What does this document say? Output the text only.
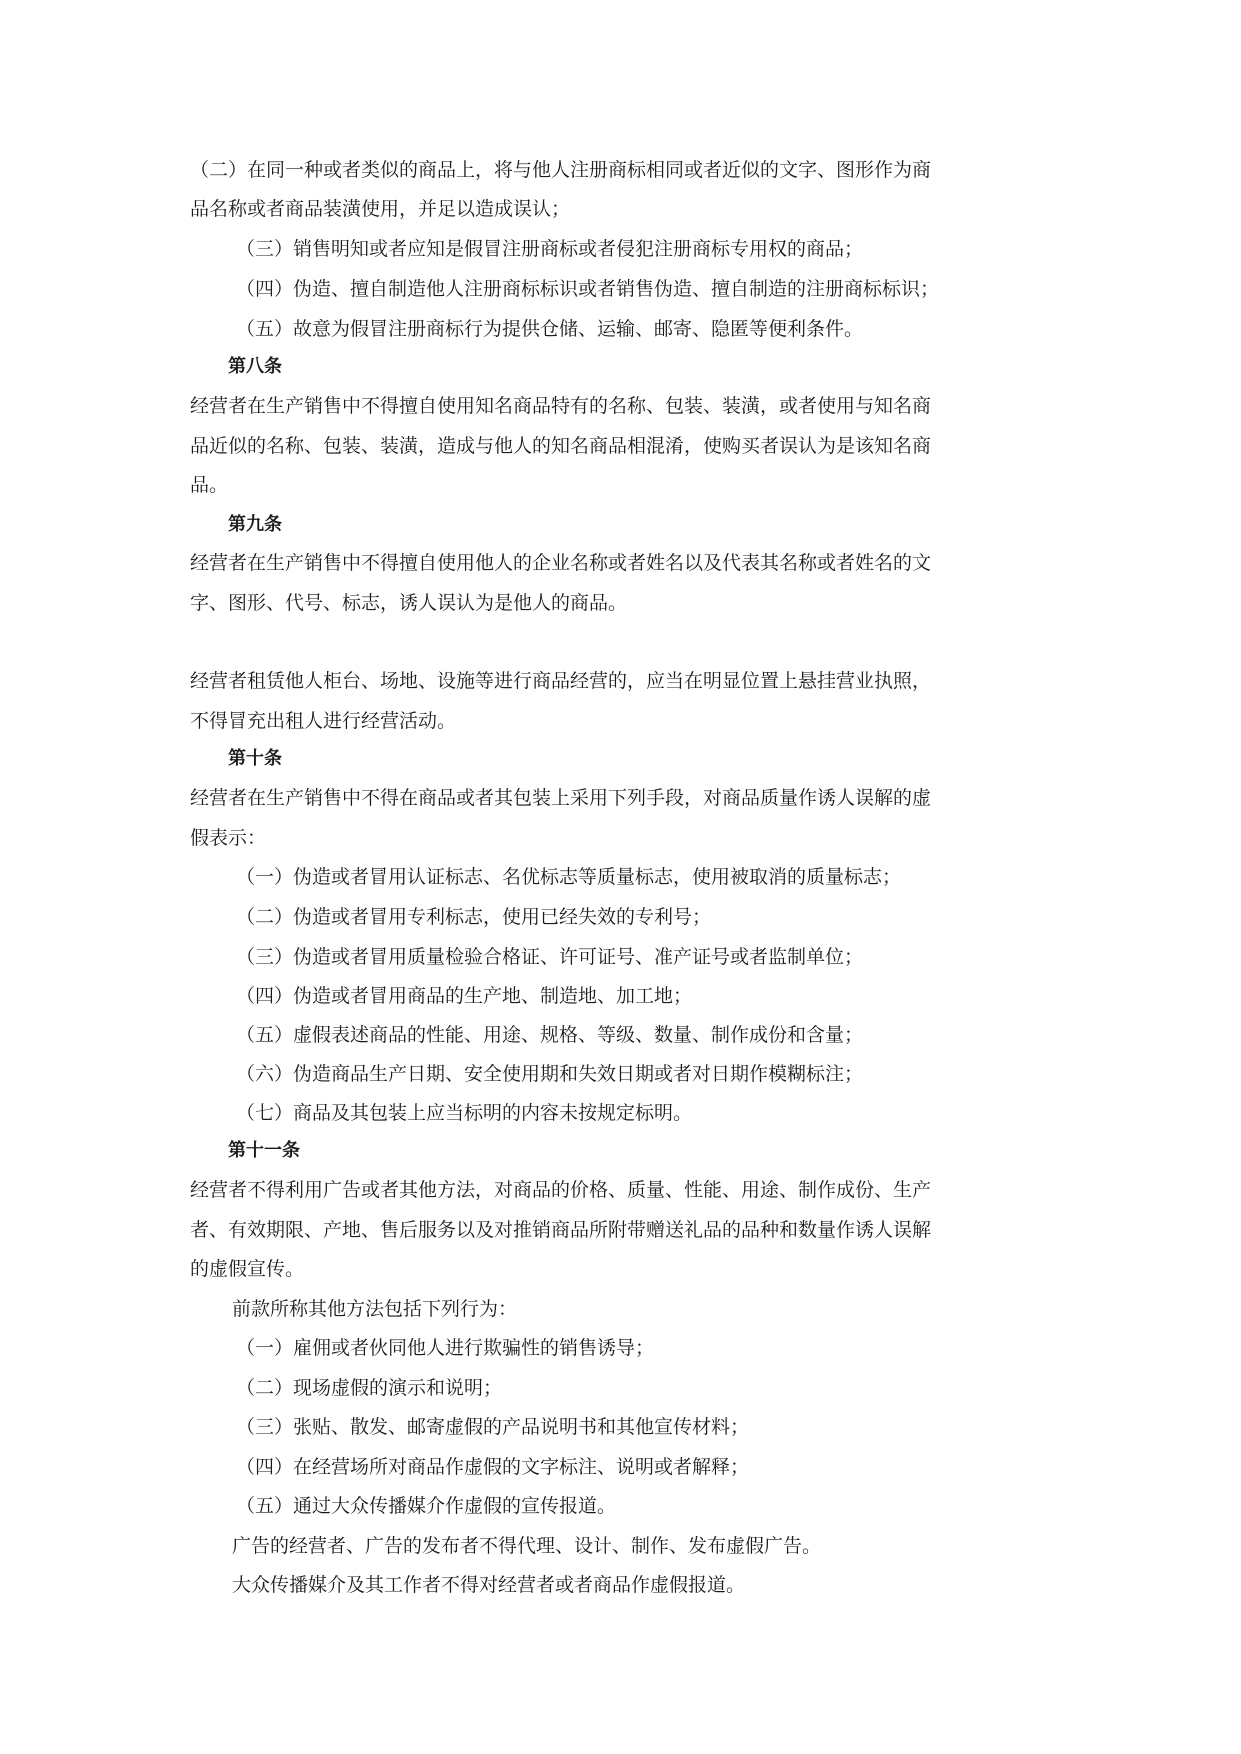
（二）在同一种或者类似的商品上，将与他人注册商标相同或者近似的文字、图形作为商
品名称或者商品装潢使用，并足以造成误认；
（三）销售明知或者应知是假冒注册商标或者侵犯注册商标专用权的商品；
（四）伪造、擅自制造他人注册商标标识或者销售伪造、擅自制造的注册商标标识；
（五）故意为假冒注册商标行为提供仓储、运输、邮寄、隐匿等便利条件。
第八条
经营者在生产销售中不得擅自使用知名商品特有的名称、包装、装潢，或者使用与知名商
品近似的名称、包装、装潢，造成与他人的知名商品相混淆，使购买者误认为是该知名商
品。
第九条
经营者在生产销售中不得擅自使用他人的企业名称或者姓名以及代表其名称或者姓名的文
字、图形、代号、标志，诱人误认为是他人的商品。
经营者租赁他人柜台、场地、设施等进行商品经营的，应当在明显位置上悬挂营业执照，
不得冒充出租人进行经营活动。
第十条
经营者在生产销售中不得在商品或者其包装上采用下列手段，对商品质量作诱人误解的虚
假表示：
（一）伪造或者冒用认证标志、名优标志等质量标志，使用被取消的质量标志；
（二）伪造或者冒用专利标志，使用已经失效的专利号；
（三）伪造或者冒用质量检验合格证、许可证号、准产证号或者监制单位；
（四）伪造或者冒用商品的生产地、制造地、加工地；
（五）虚假表述商品的性能、用途、规格、等级、数量、制作成份和含量；
（六）伪造商品生产日期、安全使用期和失效日期或者对日期作模糊标注；
（七）商品及其包装上应当标明的内容未按规定标明。
第十一条
经营者不得利用广告或者其他方法，对商品的价格、质量、性能、用途、制作成份、生产
者、有效期限、产地、售后服务以及对推销商品所附带赠送礼品的品种和数量作诱人误解
的虚假宣传。
前款所称其他方法包括下列行为：
（一）雇佣或者伙同他人进行欺骗性的销售诱导；
（二）现场虚假的演示和说明；
（三）张贴、散发、邮寄虚假的产品说明书和其他宣传材料；
（四）在经营场所对商品作虚假的文字标注、说明或者解释；
（五）通过大众传播媒介作虚假的宣传报道。
广告的经营者、广告的发布者不得代理、设计、制作、发布虚假广告。
大众传播媒介及其工作者不得对经营者或者商品作虚假报道。
